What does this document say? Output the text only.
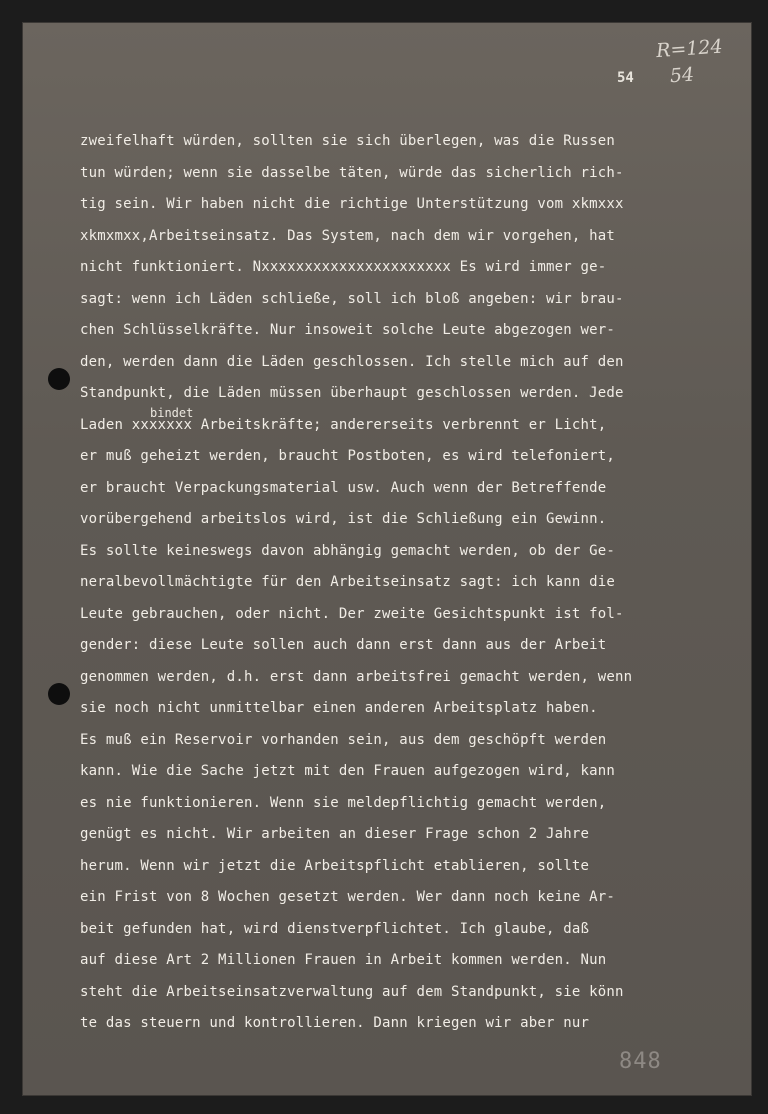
R=124
54
54
bindet
zweifelhaft würden, sollten sie sich überlegen, was die Russen
tun würden; wenn sie dasselbe täten, würde das sicherlich rich-
tig sein. Wir haben nicht die richtige Unterstützung vom xkmxxx
xkmxmxx,Arbeitseinsatz. Das System, nach dem wir vorgehen, hat
nicht funktioniert. Nxxxxxxxxxxxxxxxxxxxxxx Es wird immer ge-
sagt: wenn ich Läden schließe, soll ich bloß angeben: wir brau-
chen Schlüsselkräfte. Nur insoweit solche Leute abgezogen wer-
den, werden dann die Läden geschlossen. Ich stelle mich auf den
Standpunkt, die Läden müssen überhaupt geschlossen werden. Jede
Laden xxxxxxx Arbeitskräfte; andererseits verbrennt er Licht,
er muß geheizt werden, braucht Postboten, es wird telefoniert,
er braucht Verpackungsmaterial usw. Auch wenn der Betreffende
vorübergehend arbeitslos wird, ist die Schließung ein Gewinn.
Es sollte keineswegs davon abhängig gemacht werden, ob der Ge-
neralbevollmächtigte für den Arbeitseinsatz sagt: ich kann die
Leute gebrauchen, oder nicht. Der zweite Gesichtspunkt ist fol-
gender: diese Leute sollen auch dann erst dann aus der Arbeit
genommen werden, d.h. erst dann arbeitsfrei gemacht werden, wenn
sie noch nicht unmittelbar einen anderen Arbeitsplatz haben.
Es muß ein Reservoir vorhanden sein, aus dem geschöpft werden
kann. Wie die Sache jetzt mit den Frauen aufgezogen wird, kann
es nie funktionieren. Wenn sie meldepflichtig gemacht werden,
genügt es nicht. Wir arbeiten an dieser Frage schon 2 Jahre
herum. Wenn wir jetzt die Arbeitspflicht etablieren, sollte
ein Frist von 8 Wochen gesetzt werden. Wer dann noch keine Ar-
beit gefunden hat, wird dienstverpflichtet. Ich glaube, daß
auf diese Art 2 Millionen Frauen in Arbeit kommen werden. Nun
steht die Arbeitseinsatzverwaltung auf dem Standpunkt, sie könn
te das steuern und kontrollieren. Dann kriegen wir aber nur
848
